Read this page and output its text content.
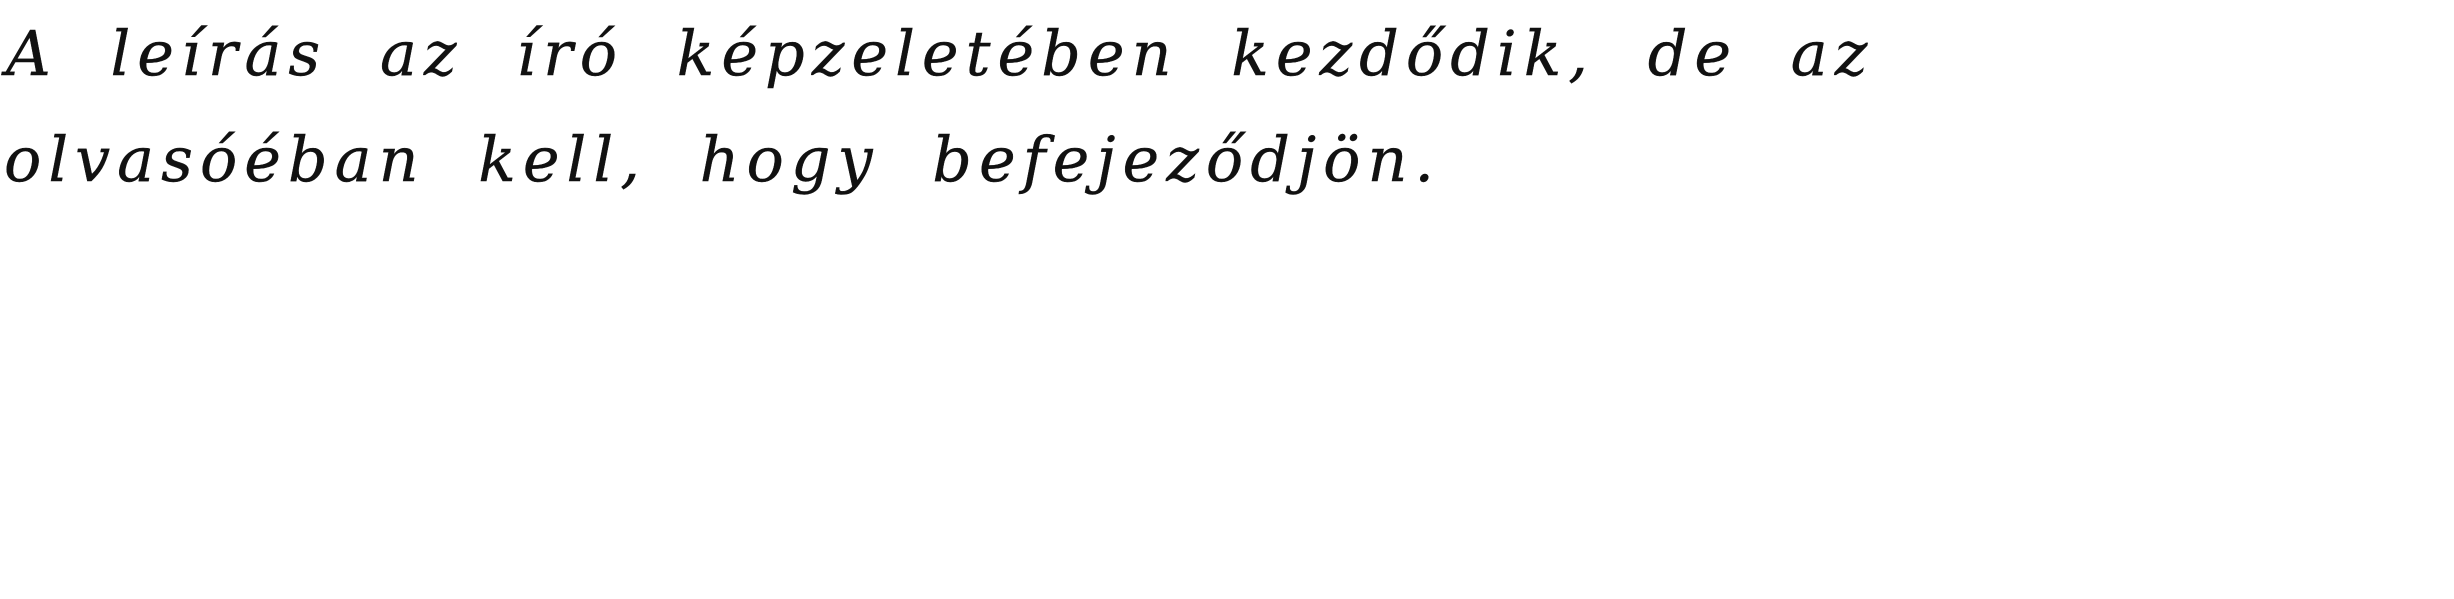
A leírás az író képzeletében kezdődik, de az
olvasóéban kell, hogy befejeződjön.
